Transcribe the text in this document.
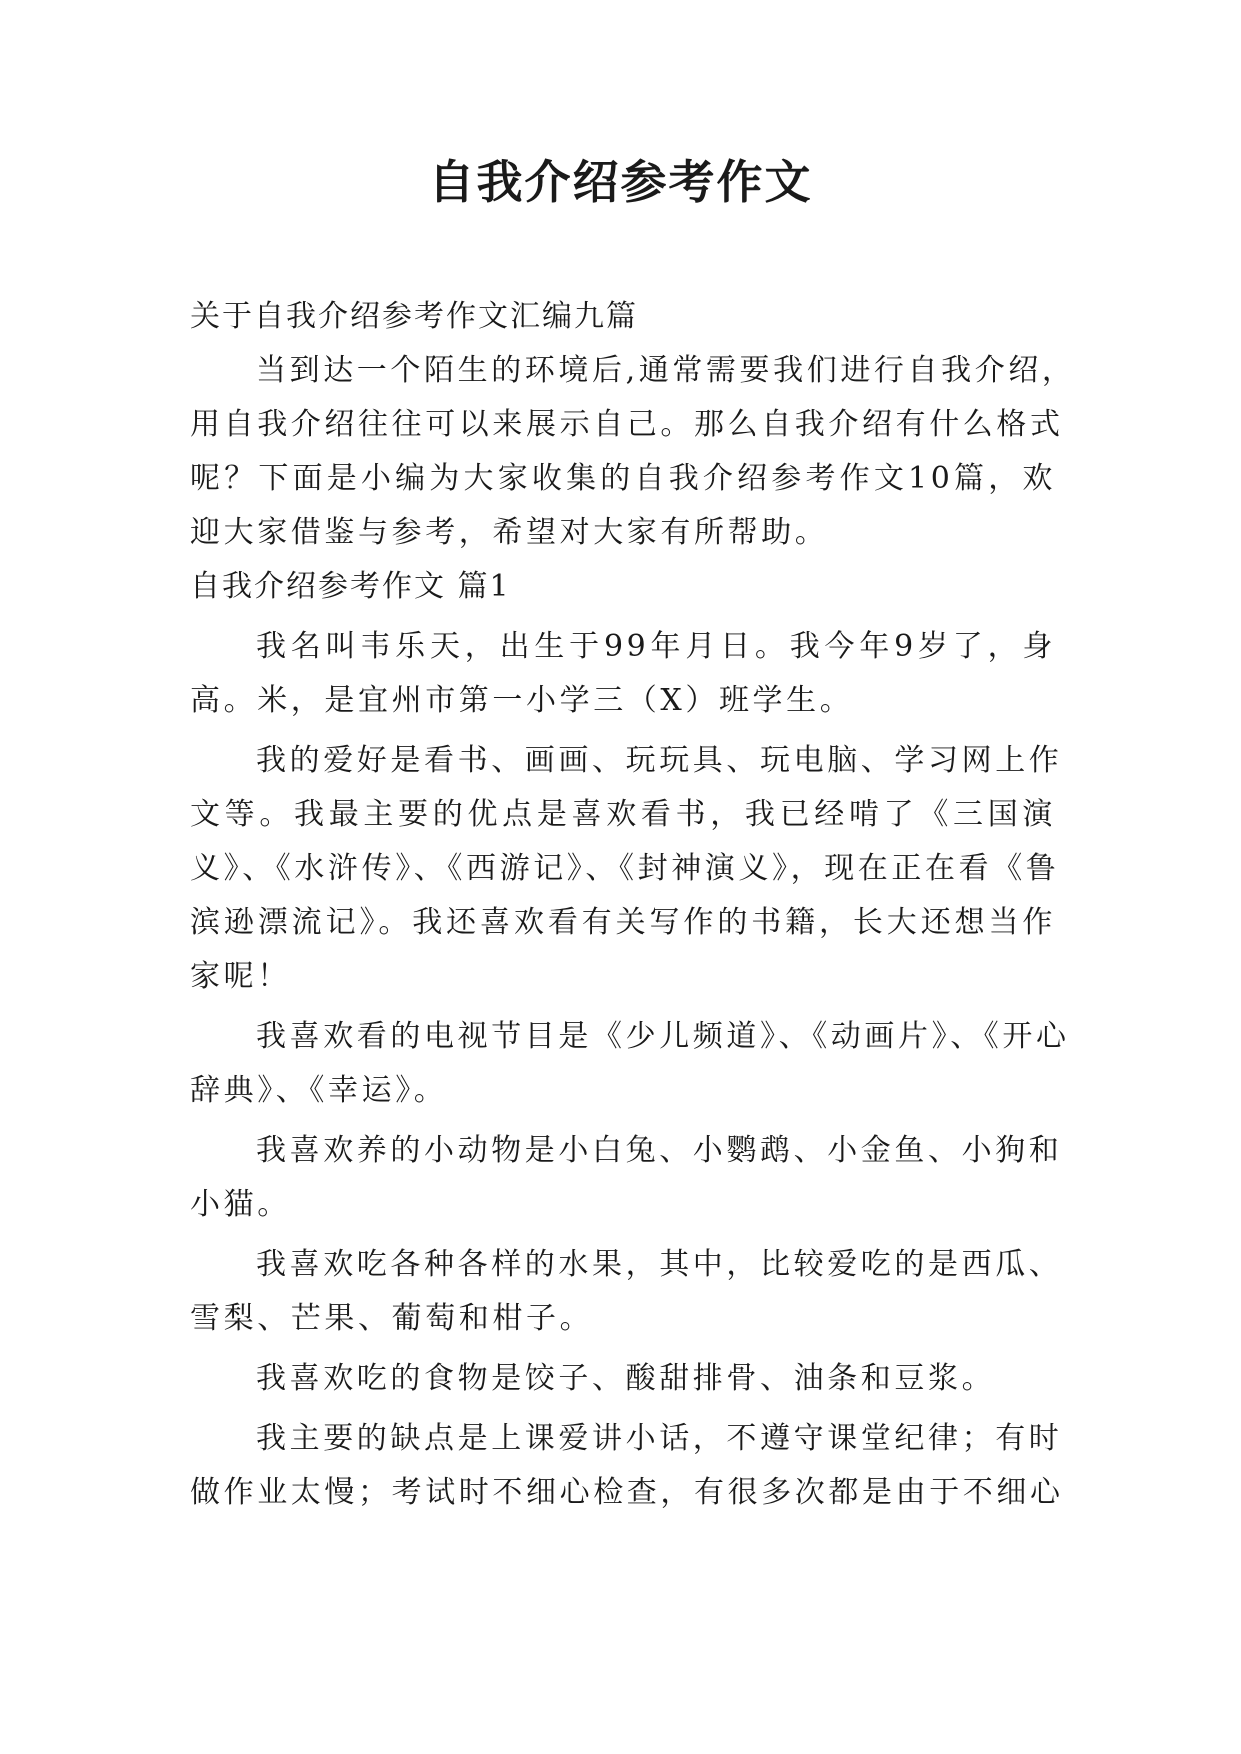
自我介绍参考作文

关于自我介绍参考作文汇编九篇

当到达一个陌生的环境后,通常需要我们进行自我介绍，

用自我介绍往往可以来展示自己。那么自我介绍有什么格式

呢？下面是小编为大家收集的自我介绍参考作文10篇，欢

迎大家借鉴与参考，希望对大家有所帮助。

自我介绍参考作文 篇1

我名叫韦乐天，出生于99年月日。我今年9岁了，身

高。米，是宜州市第一小学三（X）班学生。

我的爱好是看书、画画、玩玩具、玩电脑、学习网上作

文等。我最主要的优点是喜欢看书，我已经啃了《三国演

义》、《水浒传》、《西游记》、《封神演义》，现在正在看《鲁

滨逊漂流记》。我还喜欢看有关写作的书籍，长大还想当作

家呢！

我喜欢看的电视节目是《少儿频道》、《动画片》、《开心

辞典》、《幸运》。

我喜欢养的小动物是小白兔、小鹦鹉、小金鱼、小狗和

小猫。

我喜欢吃各种各样的水果，其中，比较爱吃的是西瓜、

雪梨、芒果、葡萄和柑子。

我喜欢吃的食物是饺子、酸甜排骨、油条和豆浆。

我主要的缺点是上课爱讲小话，不遵守课堂纪律；有时

做作业太慢；考试时不细心检查，有很多次都是由于不细心
